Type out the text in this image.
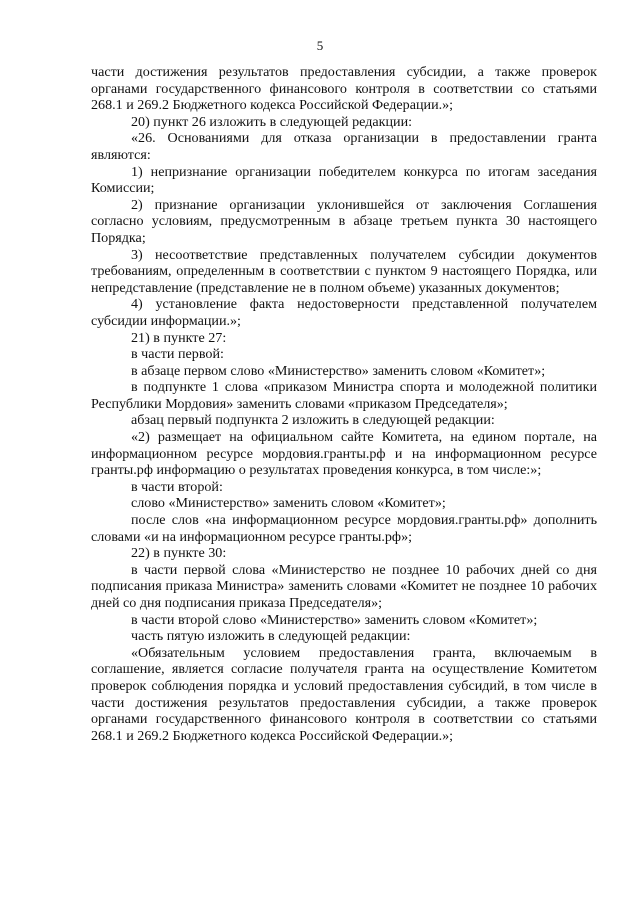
5

части достижения результатов предоставления субсидии, а также проверок органами государственного финансового контроля в соответствии со статьями 268.1 и 269.2 Бюджетного кодекса Российской Федерации.»;

20) пункт 26 изложить в следующей редакции:

«26. Основаниями для отказа организации в предоставлении гранта являются:

1) непризнание организации победителем конкурса по итогам заседания Комиссии;

2) признание организации уклонившейся от заключения Соглашения согласно условиям, предусмотренным в абзаце третьем пункта 30 настоящего Порядка;

3) несоответствие представленных получателем субсидии документов требованиям, определенным в соответствии с пунктом 9 настоящего Порядка, или непредставление (представление не в полном объеме) указанных документов;

4) установление факта недостоверности представленной получателем субсидии информации.»;

21) в пункте 27:

в части первой:

в абзаце первом слово «Министерство» заменить словом «Комитет»;

в подпункте 1 слова «приказом Министра спорта и молодежной политики Республики Мордовия» заменить словами «приказом Председателя»;

абзац первый подпункта 2 изложить в следующей редакции:

«2) размещает на официальном сайте Комитета, на едином портале, на информационном ресурсе мордовия.гранты.рф и на информационном ресурсе гранты.рф информацию о результатах проведения конкурса, в том числе:»;

в части второй:

слово «Министерство» заменить словом «Комитет»;

после слов «на информационном ресурсе мордовия.гранты.рф» дополнить словами «и на информационном ресурсе гранты.рф»;

22) в пункте 30:

в части первой слова «Министерство не позднее 10 рабочих дней со дня подписания приказа Министра» заменить словами «Комитет не позднее 10 рабочих дней со дня подписания приказа Председателя»;

в части второй слово «Министерство» заменить словом «Комитет»;

часть пятую изложить в следующей редакции:

«Обязательным условием предоставления гранта, включаемым в соглашение, является согласие получателя гранта на осуществление Комитетом проверок соблюдения порядка и условий предоставления субсидий, в том числе в части достижения результатов предоставления субсидии, а также проверок органами государственного финансового контроля в соответствии со статьями 268.1 и 269.2 Бюджетного кодекса Российской Федерации.»;
